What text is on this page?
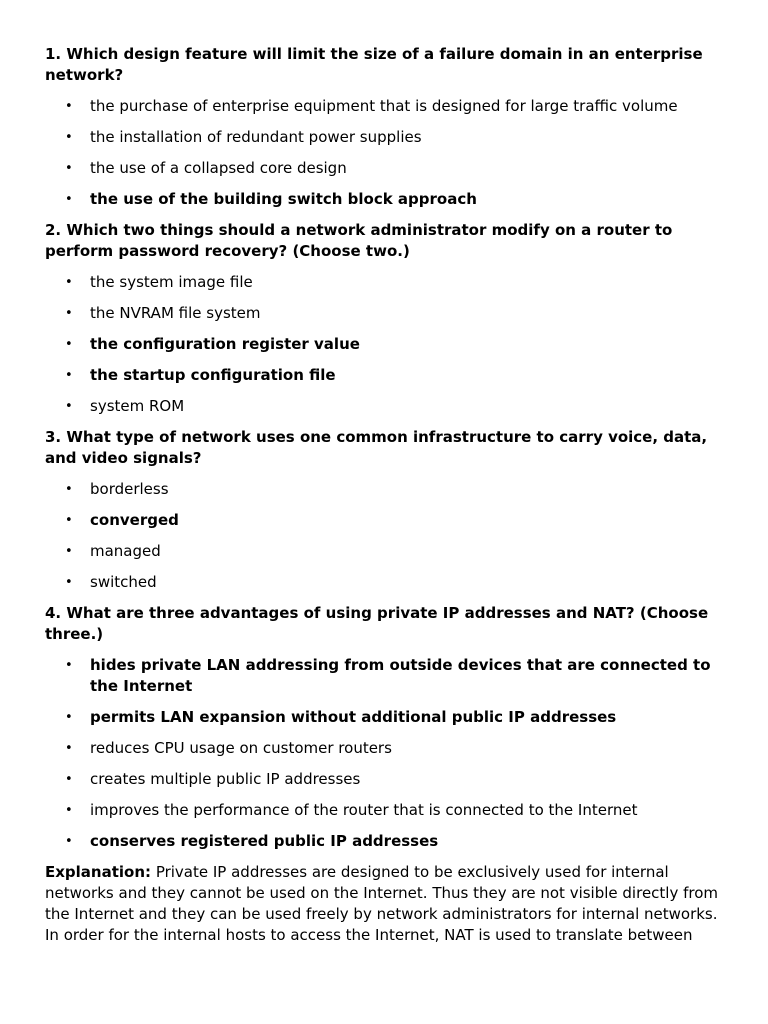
1. Which design feature will limit the size of a failure domain in an enterprise network?
• the purchase of enterprise equipment that is designed for large traffic volume
• the installation of redundant power supplies
• the use of a collapsed core design
• the use of the building switch block approach
2. Which two things should a network administrator modify on a router to perform password recovery? (Choose two.)
• the system image file
• the NVRAM file system
• the configuration register value
• the startup configuration file
• system ROM
3. What type of network uses one common infrastructure to carry voice, data, and video signals?
• borderless
• converged
• managed
• switched
4. What are three advantages of using private IP addresses and NAT? (Choose three.)
• hides private LAN addressing from outside devices that are connected to the Internet
• permits LAN expansion without additional public IP addresses
• reduces CPU usage on customer routers
• creates multiple public IP addresses
• improves the performance of the router that is connected to the Internet
• conserves registered public IP addresses

Explanation: Private IP addresses are designed to be exclusively used for internal networks and they cannot be used on the Internet. Thus they are not visible directly from the Internet and they can be used freely by network administrators for internal networks. In order for the internal hosts to access the Internet, NAT is used to translate between
